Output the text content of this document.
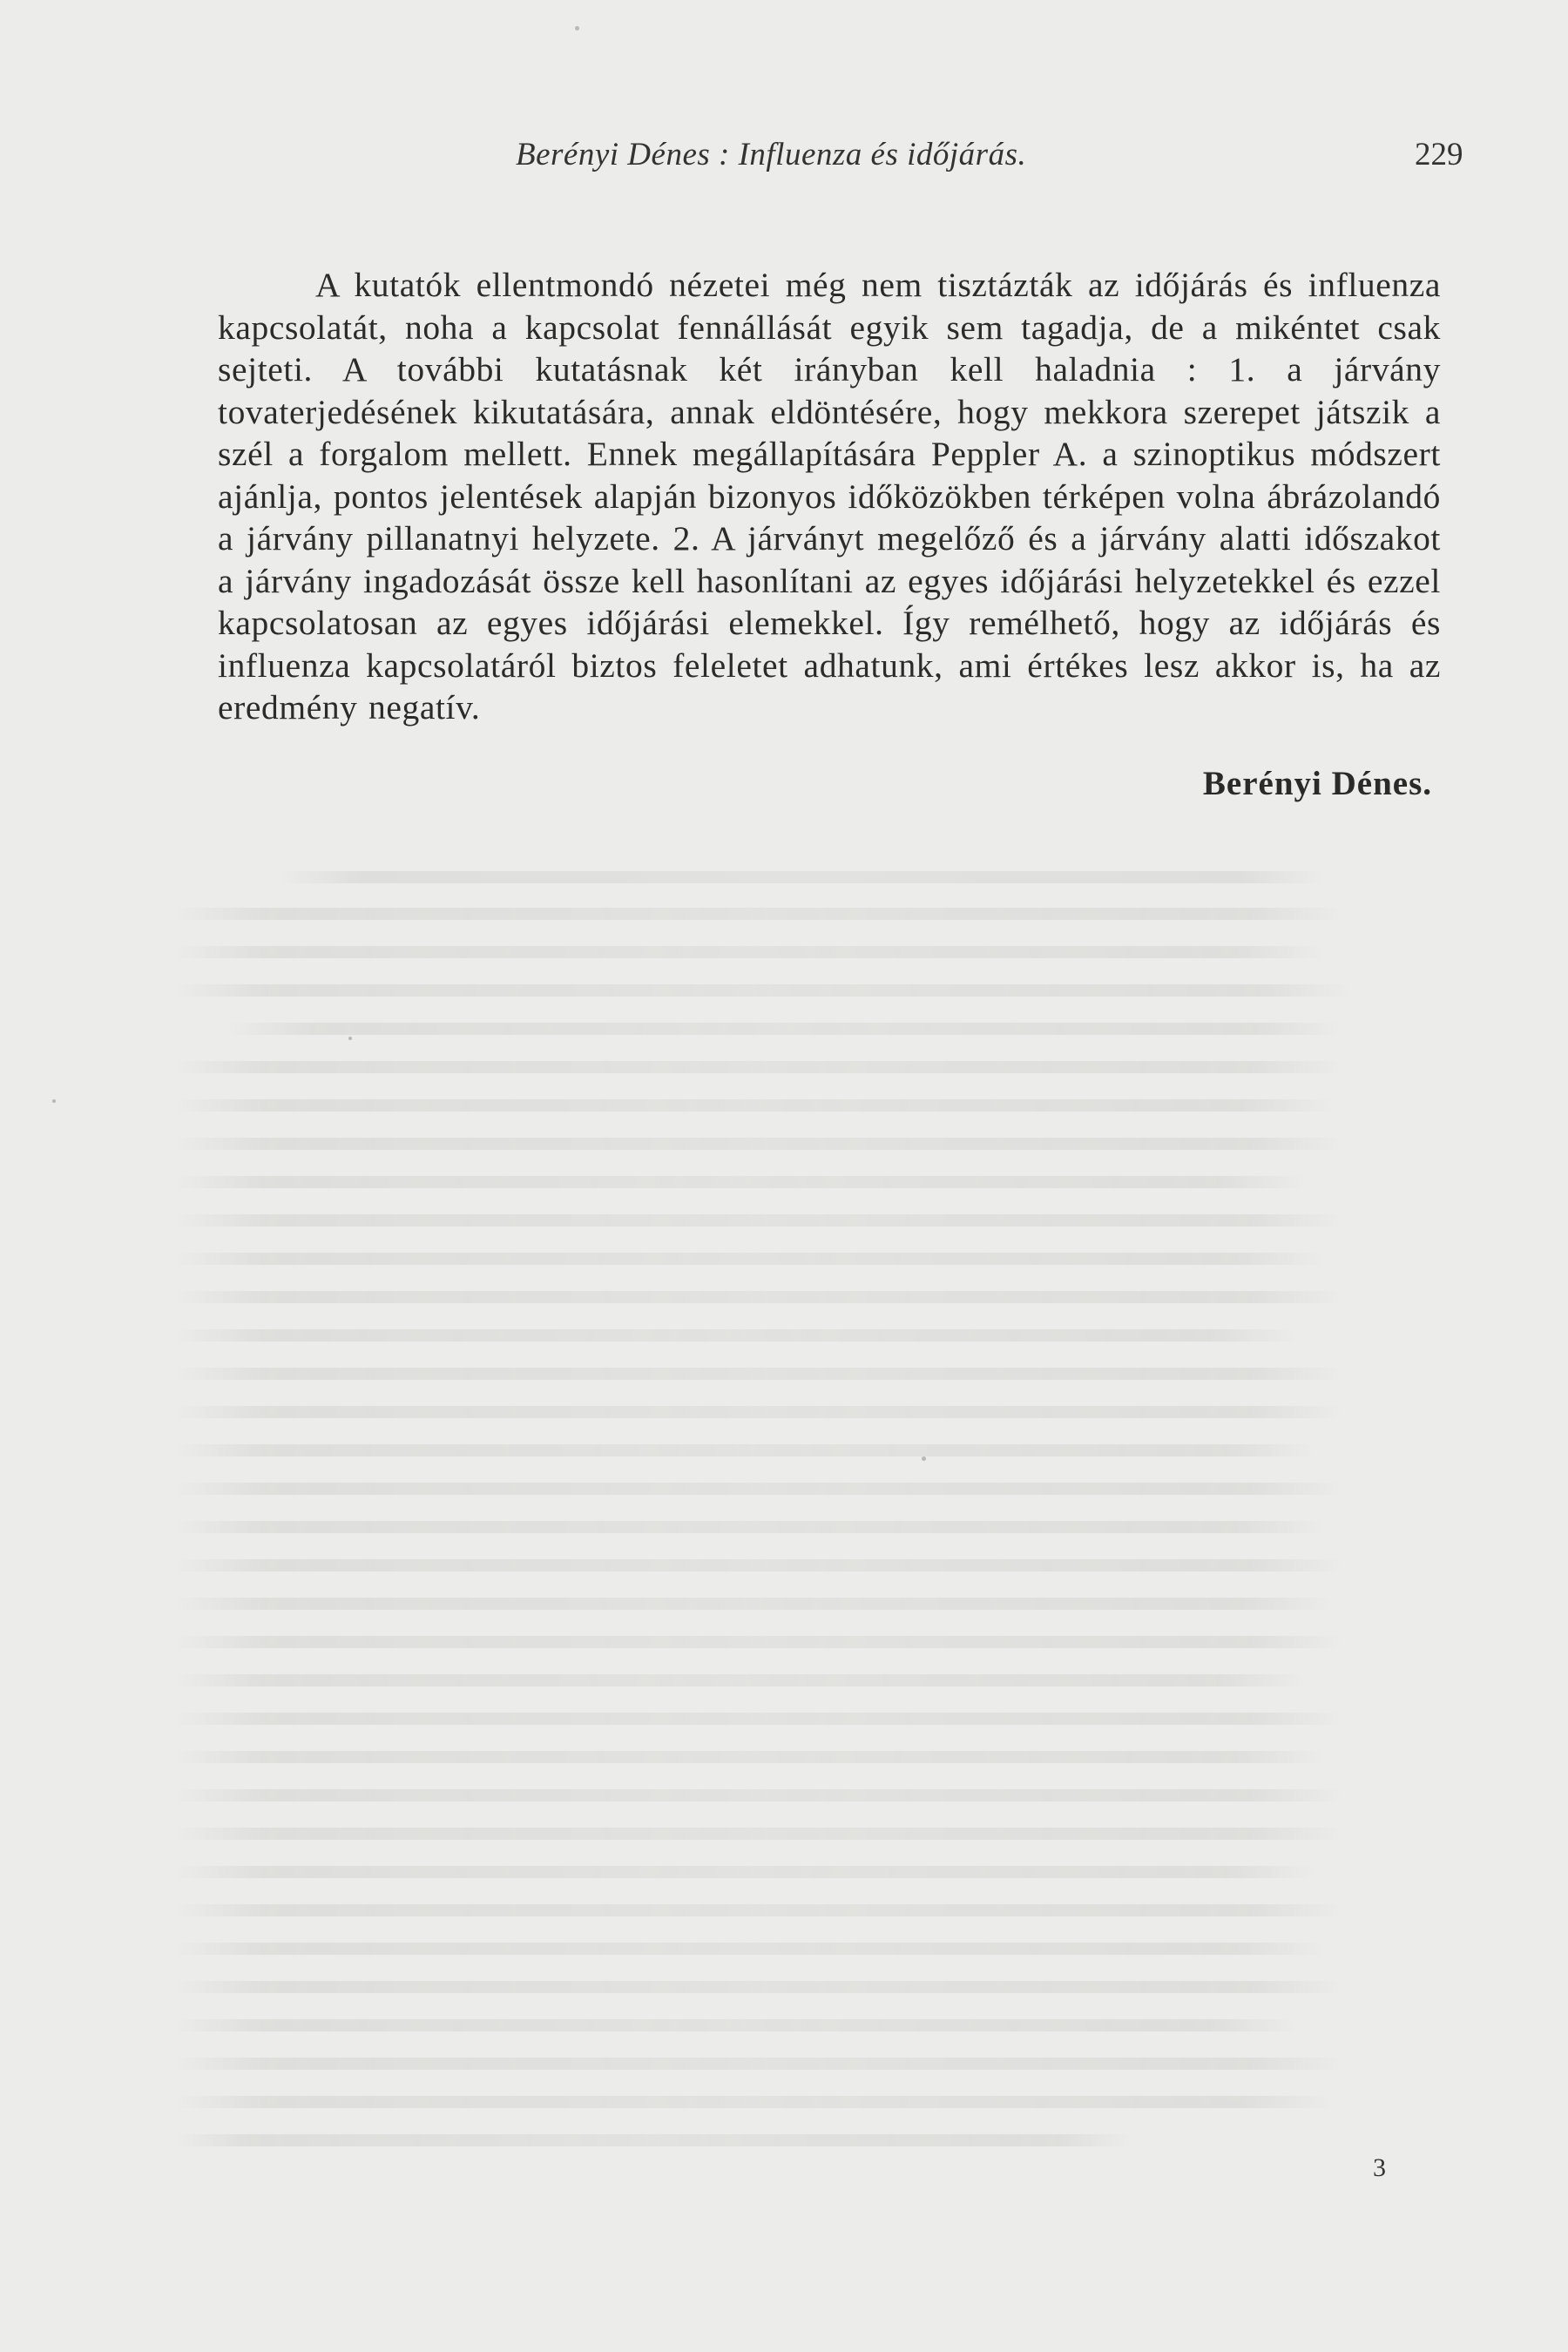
Berényi Dénes : Influenza és időjárás.	229

A kutatók ellentmondó nézetei még nem tisztázták az időjárás és influenza kapcsolatát, noha a kapcsolat fennállását egyik sem tagadja, de a mikéntet csak sejteti. A további kutatásnak két irányban kell haladnia : 1. a járvány tovaterjedésének kikutatására, annak eldöntésére, hogy mekkora szerepet játszik a szél a forgalom mellett. Ennek megállapítására Peppler A. a szinoptikus módszert ajánlja, pontos jelentések alapján bizonyos időközökben térképen volna ábrázolandó a járvány pillanatnyi helyzete. 2. A járványt megelőző és a járvány alatti időszakot a járvány ingadozását össze kell hasonlítani az egyes időjárási helyzetekkel és ezzel kapcsolatosan az egyes időjárási elemekkel. Így remélhető, hogy az időjárás és influenza kapcsolatáról biztos feleletet adhatunk, ami értékes lesz akkor is, ha az eredmény negatív.

Berényi Dénes.
3
